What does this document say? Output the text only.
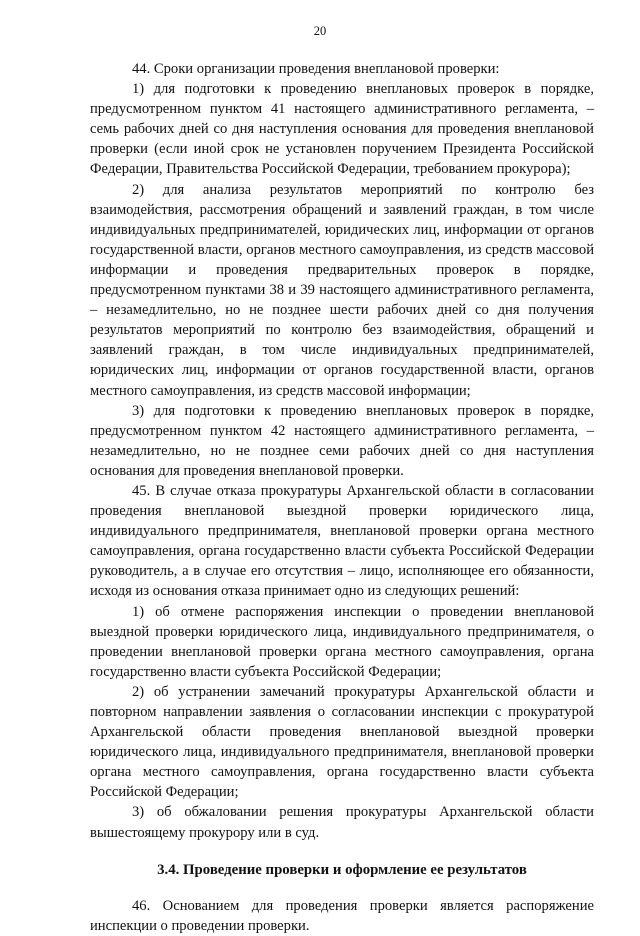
20

44. Сроки организации проведения внеплановой проверки:

1) для подготовки к проведению внеплановых проверок в порядке, предусмотренном пунктом 41 настоящего административного регламента, – семь рабочих дней со дня наступления основания для проведения внеплановой проверки (если иной срок не установлен поручением Президента Российской Федерации, Правительства Российской Федерации, требованием прокурора);

2) для анализа результатов мероприятий по контролю без взаимодействия, рассмотрения обращений и заявлений граждан, в том числе индивидуальных предпринимателей, юридических лиц, информации от органов государственной власти, органов местного самоуправления, из средств массовой информации и проведения предварительных проверок в порядке, предусмотренном пунктами 38 и 39 настоящего административного регламента, – незамедлительно, но не позднее шести рабочих дней со дня получения результатов мероприятий по контролю без взаимодействия, обращений и заявлений граждан, в том числе индивидуальных предпринимателей, юридических лиц, информации от органов государственной власти, органов местного самоуправления, из средств массовой информации;

3) для подготовки к проведению внеплановых проверок в порядке, предусмотренном пунктом 42 настоящего административного регламента, – незамедлительно, но не позднее семи рабочих дней со дня наступления основания для проведения внеплановой проверки.

45. В случае отказа прокуратуры Архангельской области в согласовании проведения внеплановой выездной проверки юридического лица, индивидуального предпринимателя, внеплановой проверки органа местного самоуправления, органа государственно власти субъекта Российской Федерации руководитель, а в случае его отсутствия – лицо, исполняющее его обязанности, исходя из основания отказа принимает одно из следующих решений:

1) об отмене распоряжения инспекции о проведении внеплановой выездной проверки юридического лица, индивидуального предпринимателя, о проведении внеплановой проверки органа местного самоуправления, органа государственно власти субъекта Российской Федерации;

2) об устранении замечаний прокуратуры Архангельской области и повторном направлении заявления о согласовании инспекции с прокуратурой Архангельской области проведения внеплановой выездной проверки юридического лица, индивидуального предпринимателя, внеплановой проверки органа местного самоуправления, органа государственно власти субъекта Российской Федерации;

3) об обжаловании решения прокуратуры Архангельской области вышестоящему прокурору или в суд.

3.4. Проведение проверки и оформление ее результатов

46. Основанием для проведения проверки является распоряжение инспекции о проведении проверки.
